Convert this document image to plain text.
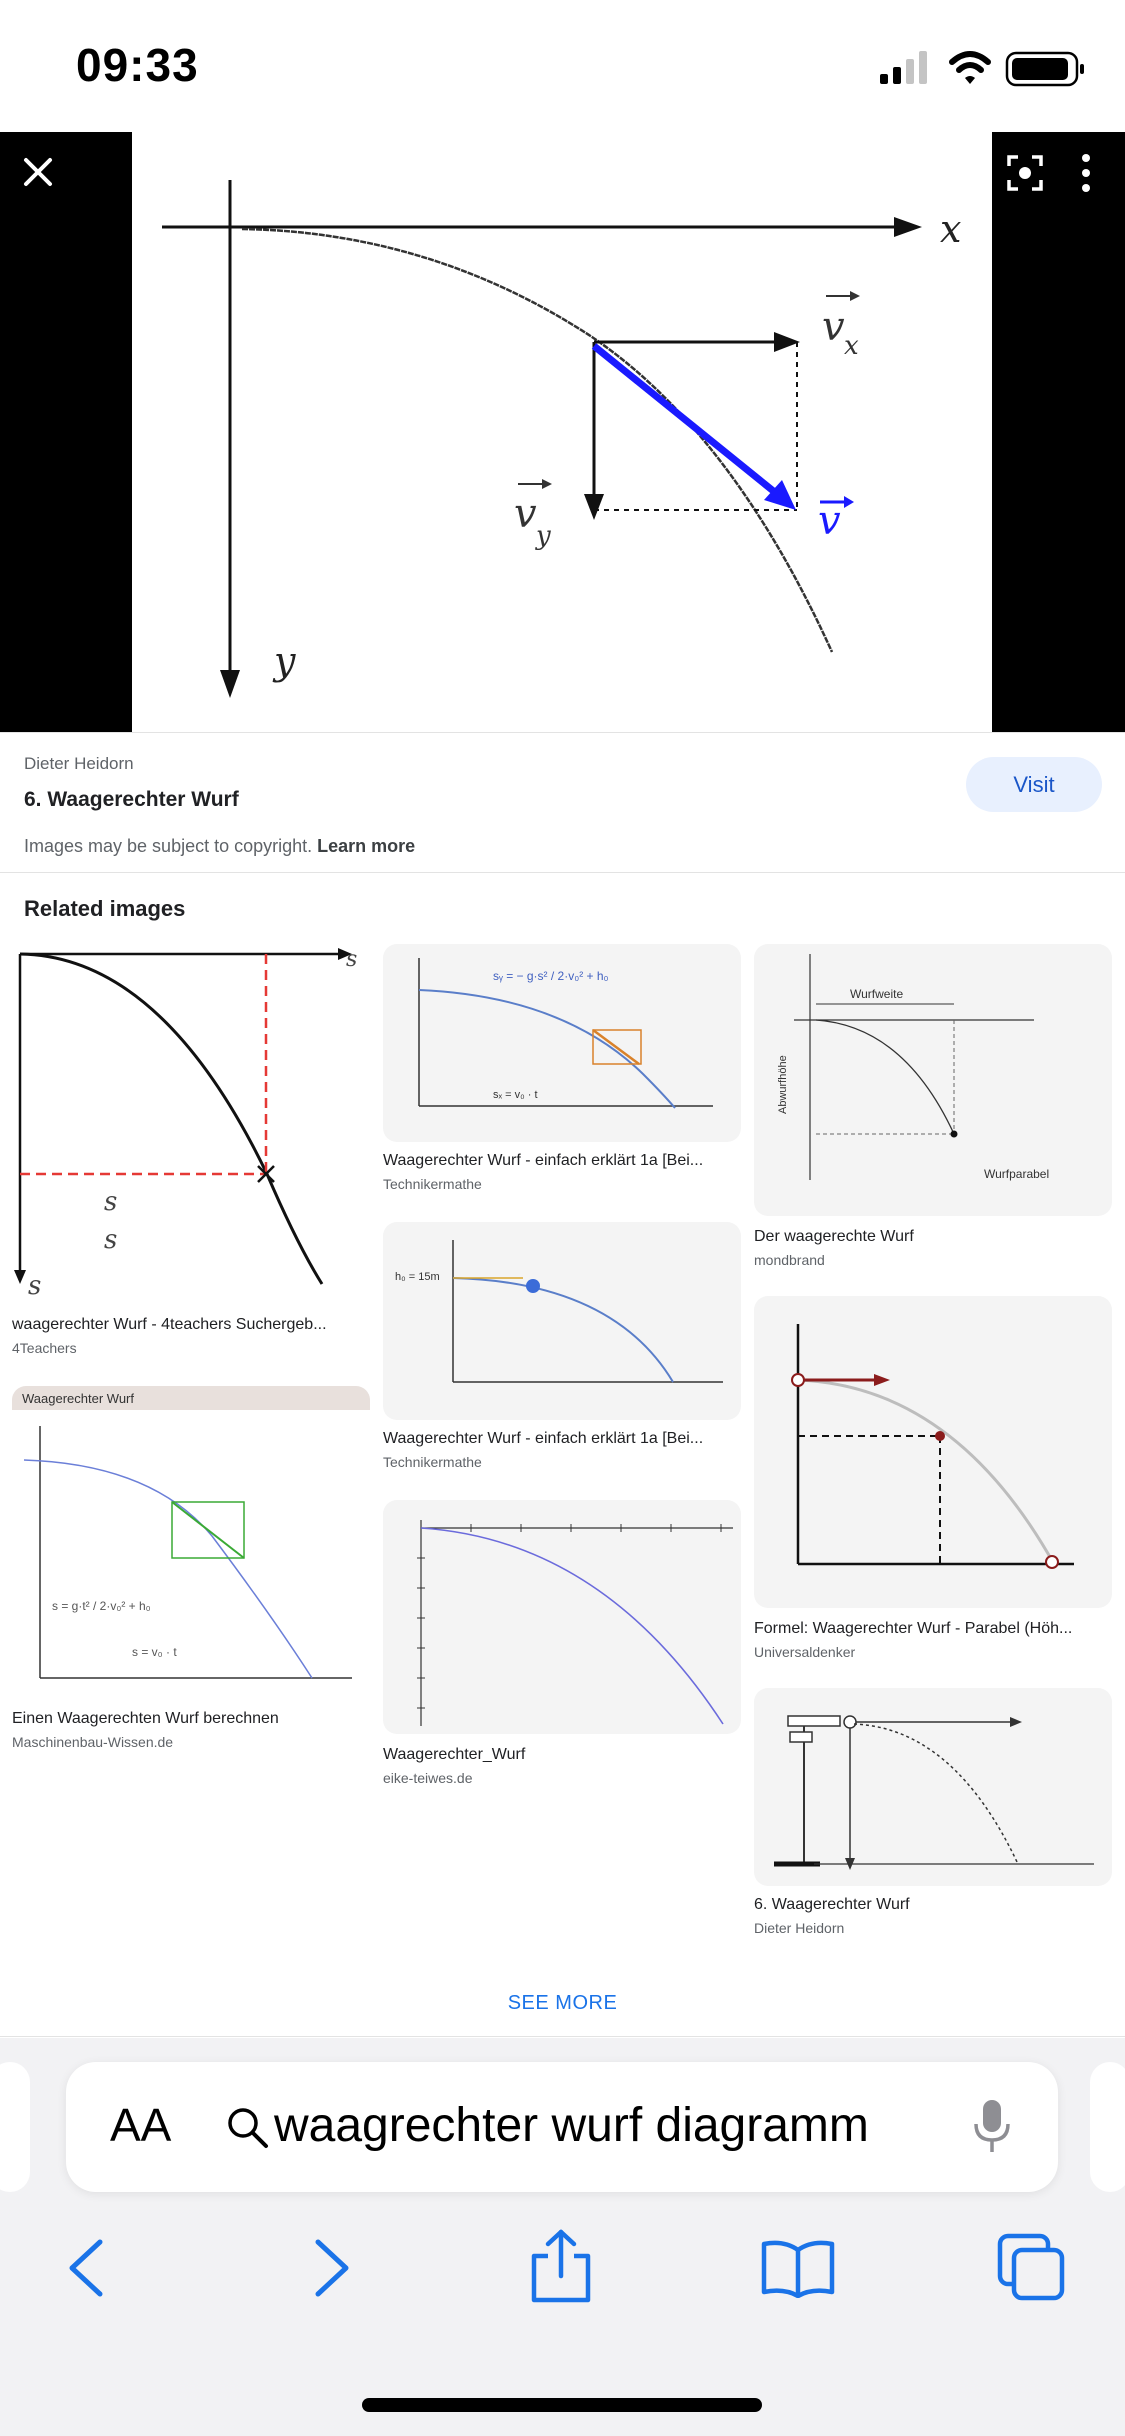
09:33
x
y
v x
v y	v
Dieter Heidorn
6. Waagerechter Wurf
Visit
Images may be subject to copyright. Learn more
Related images
s
s
s
s
waagerechter Wurf - 4teachers Suchergeb...
4Teachers
Waagerechter Wurf
s = g·t² / 2·v₀² + h₀
s = v₀ · t
Einen Waagerechten Wurf berechnen
Maschinenbau-Wissen.de
sᵧ = − g·s² / 2·v₀² + h₀
sₓ = v₀ · t
Waagerechter Wurf - einfach erklärt 1a [Bei...
Technikermathe
h₀ = 15m
Waagerechter Wurf - einfach erklärt 1a [Bei...
Technikermathe
Waagerechter_Wurf
eike-teiwes.de
Wurfweite
Abwurfhöhe
Wurfparabel
Der waagerechte Wurf
mondbrand
Formel: Waagerechter Wurf - Parabel (Höh...
Universaldenker
6. Waagerechter Wurf
Dieter Heidorn
SEE MORE
AA waagrechter wurf diagramm
